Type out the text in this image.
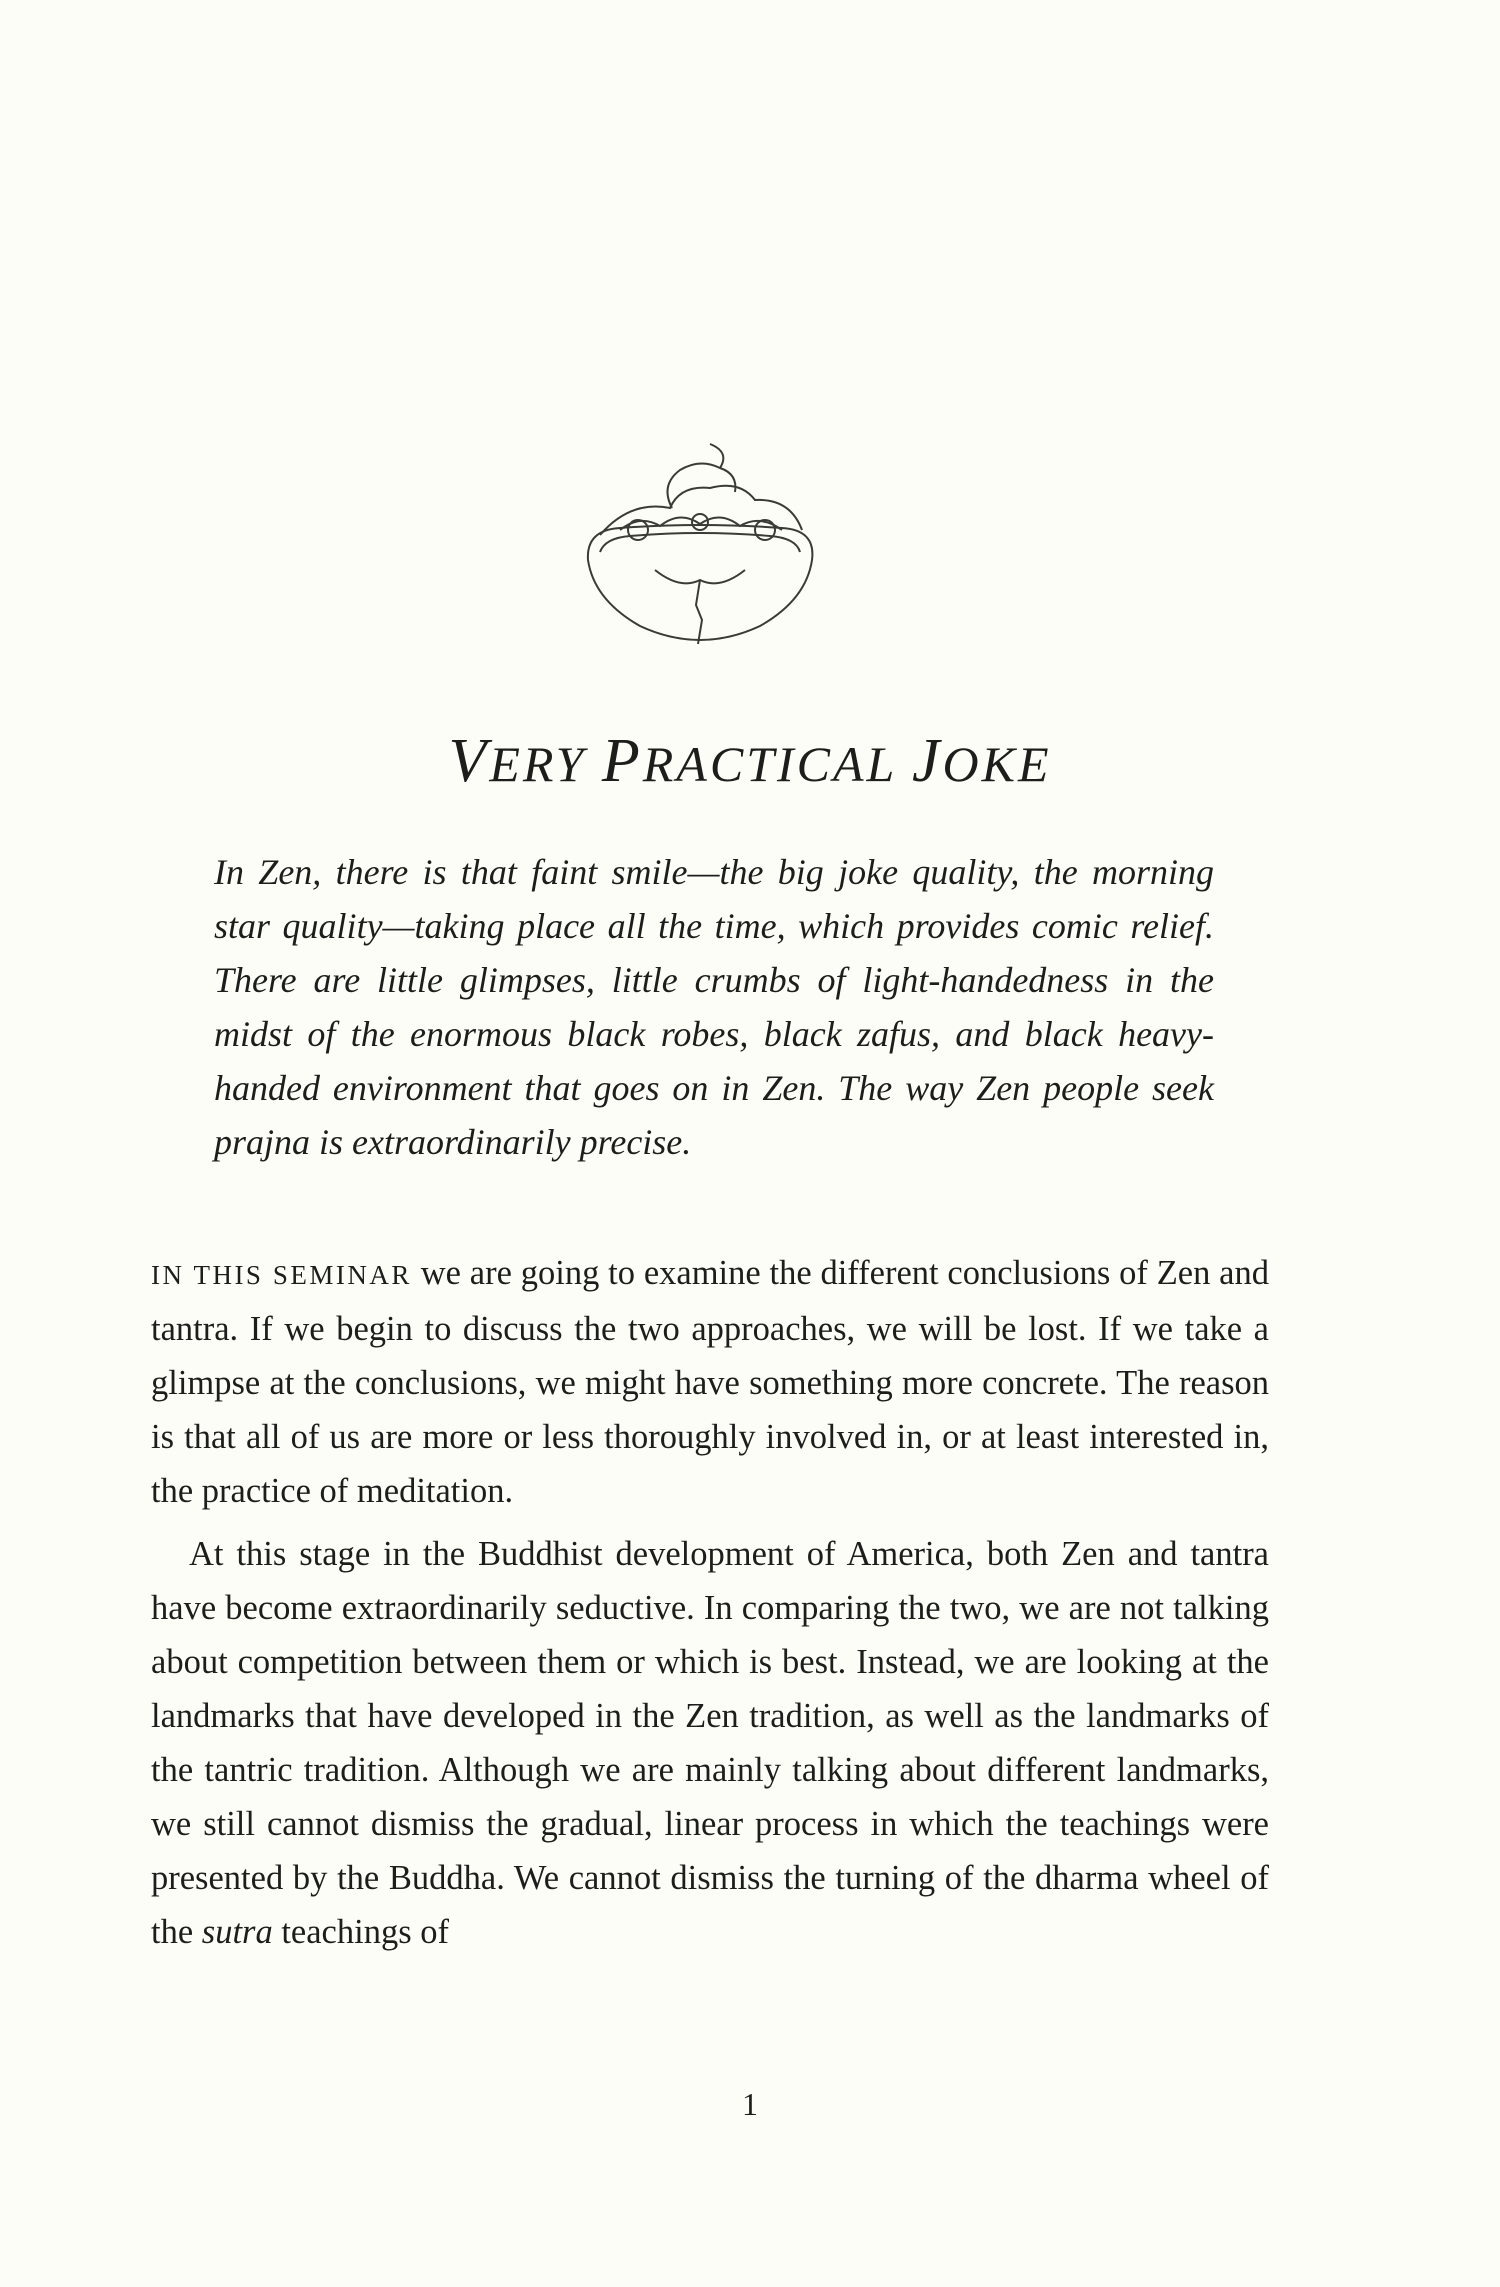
VERY PRACTICAL JOKE

In Zen, there is that faint smile—the big joke quality, the morning star quality—taking place all the time, which provides comic relief. There are little glimpses, little crumbs of light-handedness in the midst of the enormous black robes, black zafus, and black heavy-handed environment that goes on in Zen. The way Zen people seek prajna is extraordinarily precise.

IN THIS SEMINAR we are going to examine the different conclusions of Zen and tantra. If we begin to discuss the two approaches, we will be lost. If we take a glimpse at the conclusions, we might have something more concrete. The reason is that all of us are more or less thoroughly involved in, or at least interested in, the practice of meditation.

At this stage in the Buddhist development of America, both Zen and tantra have become extraordinarily seductive. In comparing the two, we are not talking about competition between them or which is best. Instead, we are looking at the landmarks that have developed in the Zen tradition, as well as the landmarks of the tantric tradition. Although we are mainly talking about different landmarks, we still cannot dismiss the gradual, linear process in which the teachings were presented by the Buddha. We cannot dismiss the turning of the dharma wheel of the sutra teachings of

1
